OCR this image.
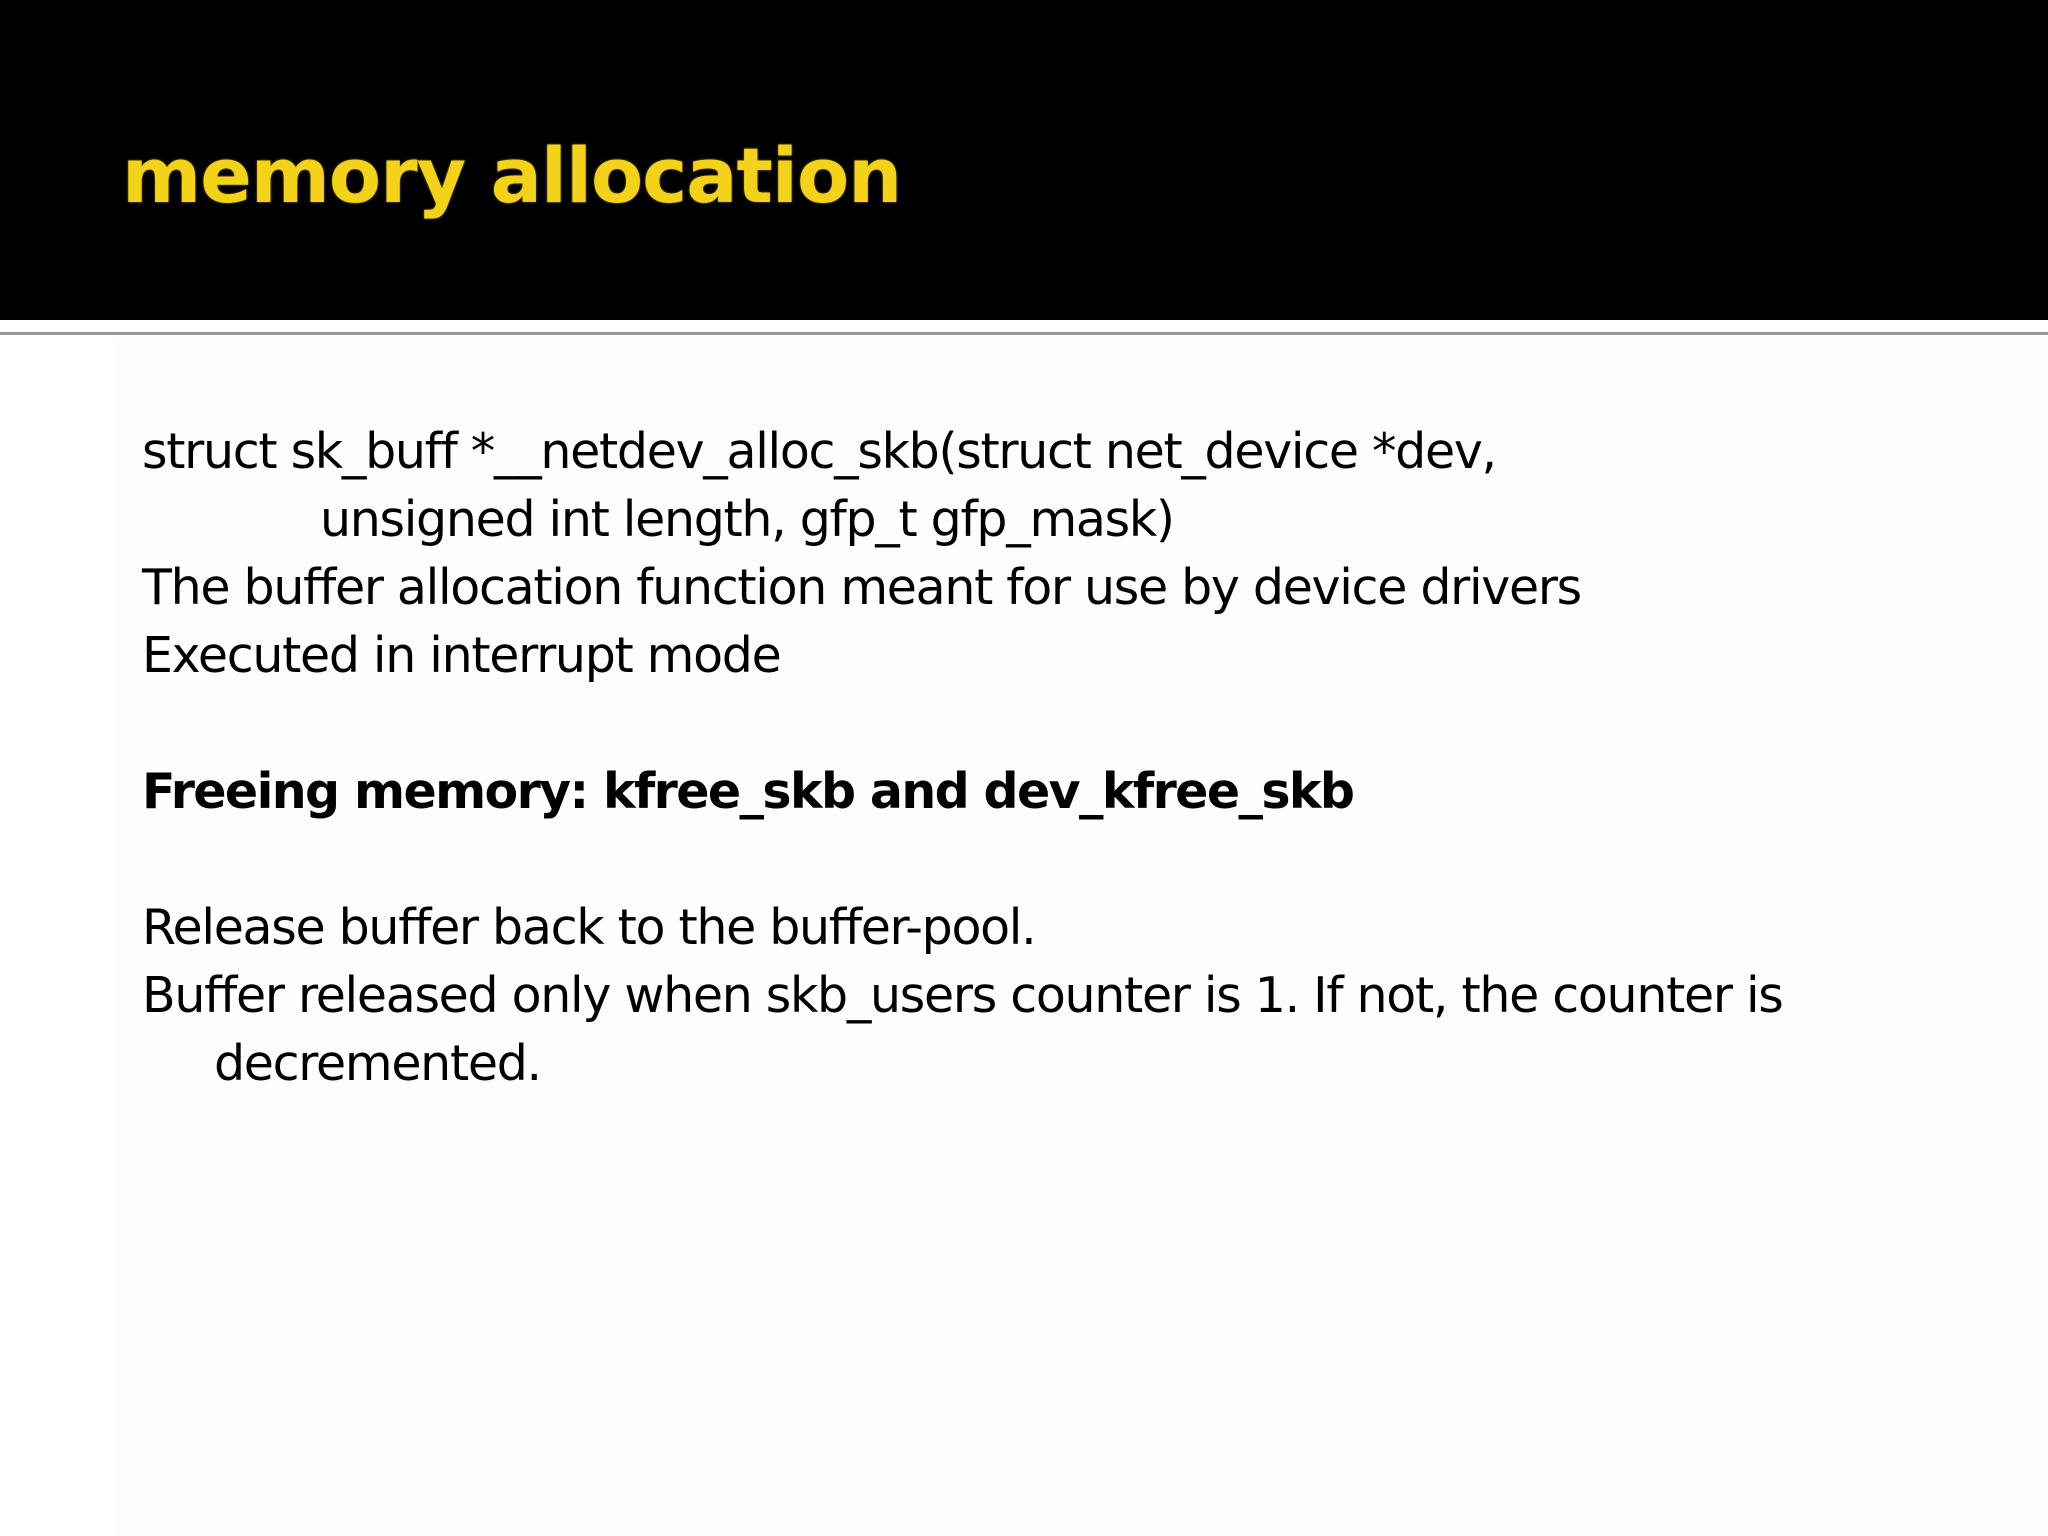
memory allocation
struct sk_buff *__netdev_alloc_skb(struct net_device *dev,
unsigned int length, gfp_t gfp_mask)
The buffer allocation function meant for use by device drivers
Executed in interrupt mode
Freeing memory: kfree_skb and dev_kfree_skb
Release buffer back to the buffer-pool.
Buffer released only when skb_users counter is 1. If not, the counter is
decremented.
